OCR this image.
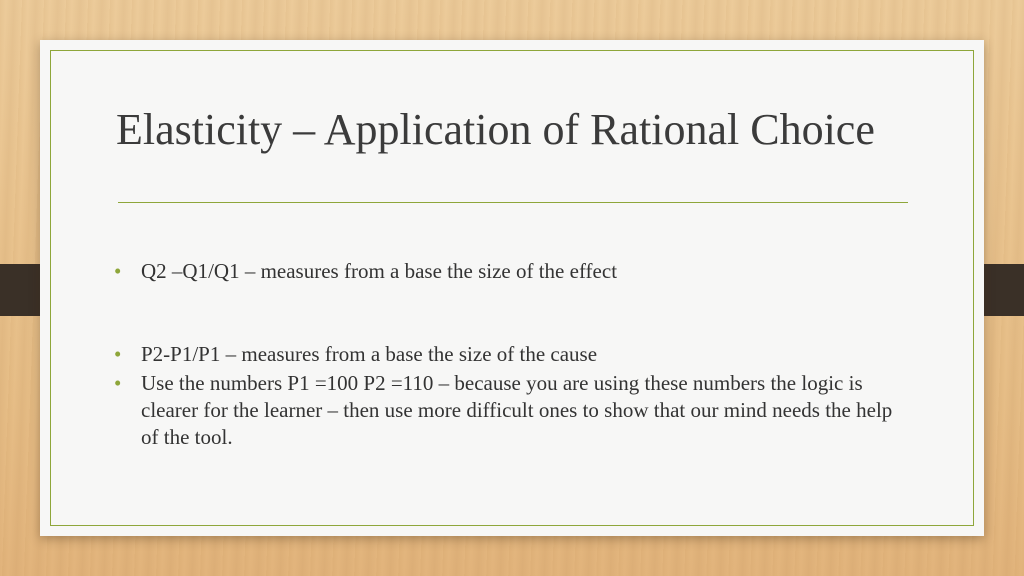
Elasticity – Application of Rational Choice
• Q2 –Q1/Q1 – measures from a base the size of the effect
• P2-P1/P1 – measures from a base the size of the cause
• Use the numbers P1 =100 P2 =110 – because you are using these numbers the logic is clearer for the learner – then use more difficult ones to show that our mind needs the help of the tool.
